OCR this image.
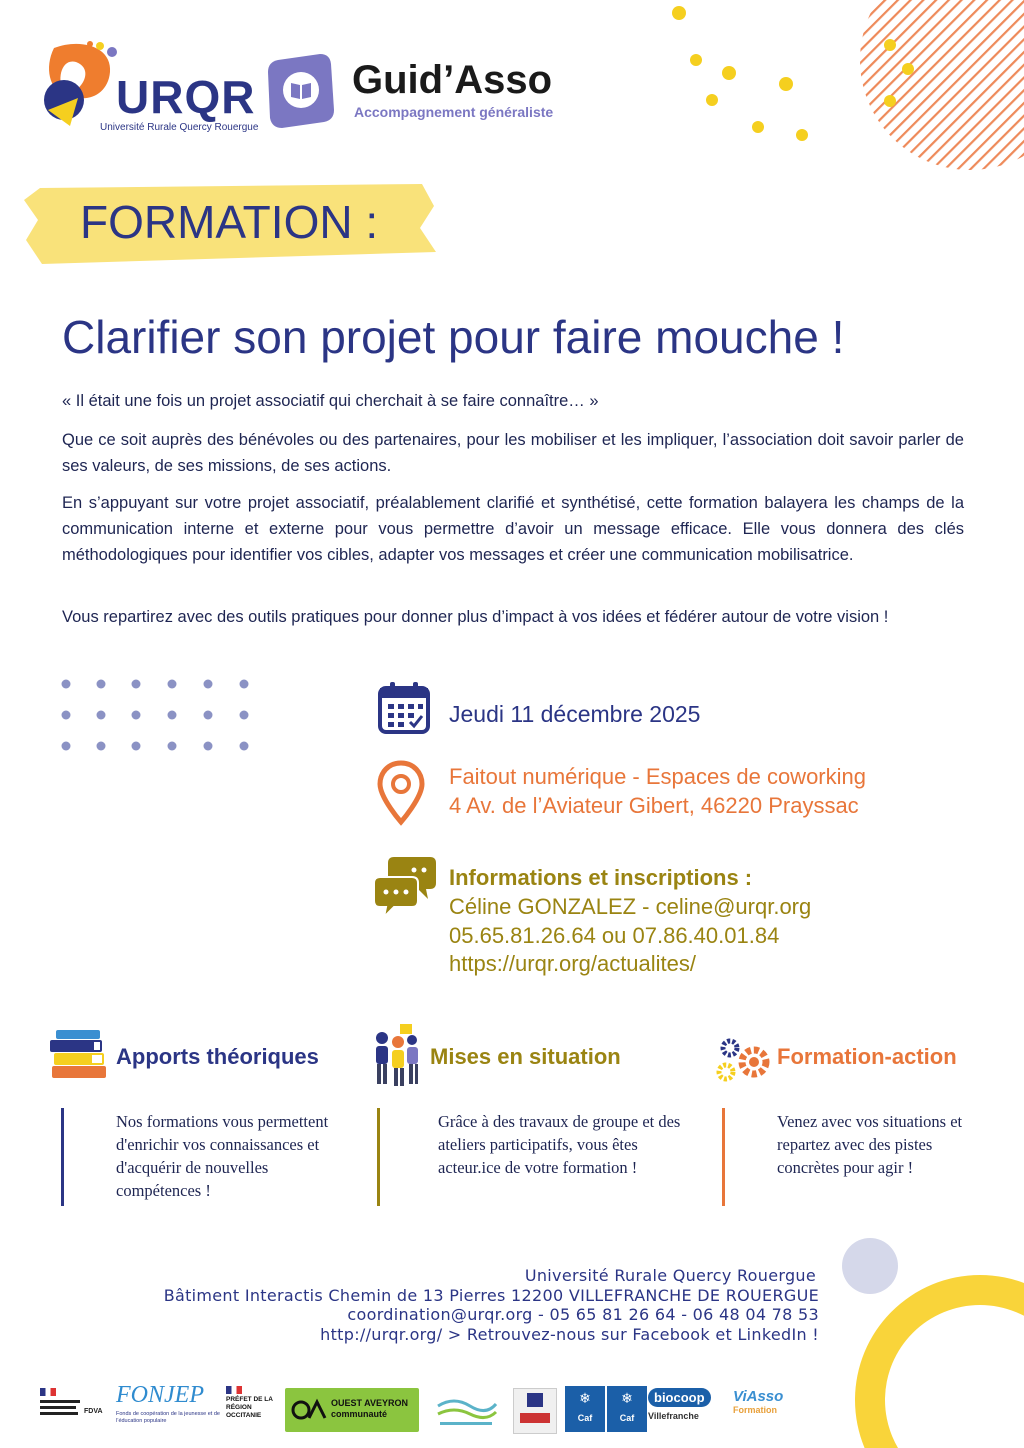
URQR
Université Rurale Quercy Rouergue
Guid’Asso
Accompagnement généraliste
FORMATION :
Clarifier son projet pour faire mouche !
« Il était une fois un projet associatif qui cherchait à se faire connaître… »
Que ce soit auprès des bénévoles ou des partenaires, pour les mobiliser et les impliquer, l’association doit savoir parler de ses valeurs, de ses missions, de ses actions.
En s’appuyant sur votre projet associatif, préalablement clarifié et synthétisé, cette formation balayera les champs de la communication interne et externe pour vous permettre d’avoir un message efficace. Elle vous donnera des clés méthodologiques pour identifier vos cibles, adapter vos messages et créer une communication mobilisatrice.
Vous repartirez avec des outils pratiques pour donner plus d’impact à vos idées et fédérer autour de votre vision !
Jeudi 11 décembre 2025
Faitout numérique - Espaces de coworking
4 Av. de l’Aviateur Gibert, 46220 Prayssac
Informations et inscriptions :
Céline GONZALEZ - celine@urqr.org
05.65.81.26.64 ou 07.86.40.01.84
https://urqr.org/actualites/
Apports théoriques	Mises en situation	Formation-action
Nos formations vous permettent d'enrichir vos connaissances et d'acquérir de nouvelles compétences !
Grâce à des travaux de groupe et des ateliers participatifs, vous êtes acteur.ice de votre formation !
Venez avec vos situations et repartez avec des pistes concrètes pour agir !
Université Rurale Quercy Rouergue
Bâtiment Interactis Chemin de 13 Pierres 12200 VILLEFRANCHE DE ROUERGUE
coordination@urqr.org - 05 65 81 26 64 - 06 48 04 78 53
http://urqr.org/ > Retrouvez-nous sur Facebook et LinkedIn !
FDVA
FONJEP
Fonds de coopération de la jeunesse et de l’éducation populaire
PRÉFET DE LA RÉGION OCCITANIE
OUEST AVEYRON communauté
❄
Caf
❄
Caf
biocoop
Villefranche
ViAsso
Formation
